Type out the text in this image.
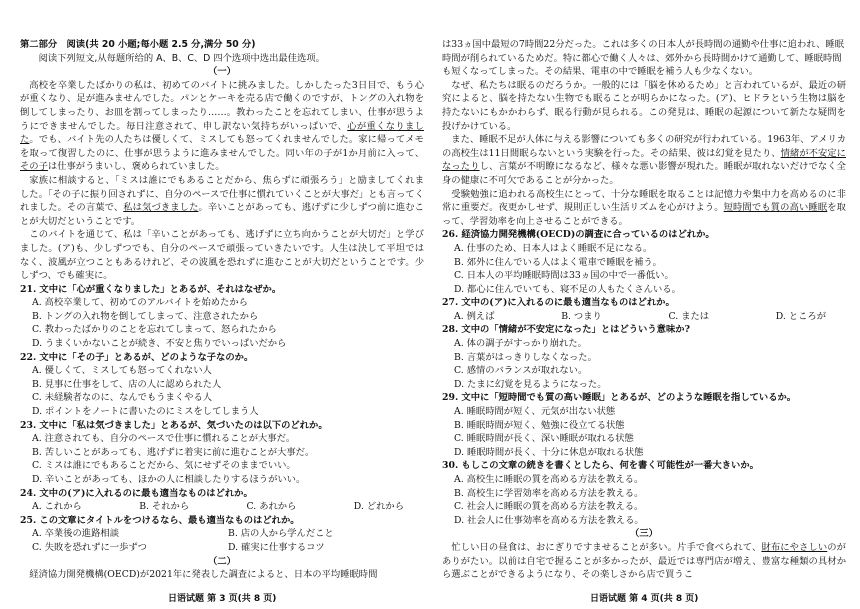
第二部分　阅读(共 20 小题;每小题 2.5 分,满分 50 分)
阅读下列短文,从每题所给的 A、B、C、D 四个选项中选出最佳选项。
（一）

高校を卒業したばかりの私は、初めてのバイトに挑みました。しかしたった3日目で、もう心が重くなり、足が進みませんでした。パンとケーキを売る店で働くのですが、トングの入れ物を倒してしまったり、お皿を割ってしまったり……。教わったことを忘れてしまい、仕事が思うようにできませんでした。毎日注意されて、申し訳ない気持ちがいっぱいで、心が重くなりました。でも、バイト先の人たちは優しくて、ミスしても怒ってくれませんでした。家に帰ってメモを取って復習したのに、仕事が思うように進みませんでした。同い年の子が1か月前に入って、その子は仕事がうまいし、褒められていました。

家族に相談すると、「ミスは誰にでもあることだから、焦らずに頑張ろう」と励ましてくれました。「その子に振り回されずに、自分のペースで仕事に慣れていくことが大事だ」とも言ってくれました。その言葉で、私は気づきました。辛いことがあっても、逃げずに少しずつ前に進むことが大切だということです。

このバイトを通じて、私は「辛いことがあっても、逃げずに立ち向かうことが大切だ」と学びました。(ア)も、少しずつでも、自分のペースで頑張っていきたいです。人生は決して平坦ではなく、波風が立つこともあるけれど、その波風を恐れずに進むことが大切だということです。少しずつ、でも確実に。

21. 文中に「心が重くなりました」とあるが、それはなぜか。
A. 高校卒業して、初めてのアルバイトを始めたから
B. トングの入れ物を倒してしまって、注意されたから
C. 教わったばかりのことを忘れてしまって、怒られたから
D. うまくいかないことが続き、不安と焦りでいっぱいだから
22. 文中に「その子」とあるが、どのような子なのか。
A. 優しくて、ミスしても怒ってくれない人
B. 見事に仕事をして、店の人に認められた人
C. 未経験者なのに、なんでもうまくやる人
D. ポイントをノートに書いたのにミスをしてしまう人
23. 文中に「私は気づきました」とあるが、気づいたのは以下のどれか。
A. 注意されても、自分のペースで仕事に慣れることが大事だ。
B. 苦しいことがあっても、逃げずに着実に前に進むことが大事だ。
C. ミスは誰にでもあることだから、気にせずそのままでいい。
D. 辛いことがあっても、ほかの人に相談したりするほうがいい。
24. 文中の(ア)に入れるのに最も適当なものはどれか。
A. これから	B. それから	C. あれから	D. どれから
25. この文章にタイトルをつけるなら、最も適当なものはどれか。
A. 卒業後の進路相談	B. 店の人から学んだこと
C. 失敗を恐れずに一歩ずつ	D. 確実に仕事するコツ
（二）

経済協力開発機構(OECD)が2021年に発表した調査によると、日本の平均睡眠時間

は33ヵ国中最短の7時間22分だった。これは多くの日本人が長時間の通勤や仕事に追われ、睡眠時間が削られているためだ。特に都心で働く人々は、郊外から長時間かけて通勤して、睡眠時間も短くなってしまった。その結果、電車の中で睡眠を補う人も少なくない。

なぜ、私たちは眠るのだろうか。一般的には「脳を休めるため」と言われているが、最近の研究によると、脳を持たない生物でも眠ることが明らかになった。(ア)、ヒドラという生物は脳を持たないにもかかわらず、眠る行動が見られる。この発見は、睡眠の起源について新たな疑問を投げかけている。

また、睡眠不足が人体に与える影響についても多くの研究が行われている。1963年、アメリカの高校生は11日間眠らないという実験を行った。その結果、彼は幻覚を見たり、情緒が不安定になったりし、言葉が不明瞭になるなど、様々な悪い影響が現れた。睡眠が取れないだけでなく全身の健康に不可欠であることが分かった。

受験勉強に追われる高校生にとって、十分な睡眠を取ることは記憶力や集中力を高めるのに非常に重要だ。夜更かしせず、規則正しい生活リズムを心がけよう。短時間でも質の高い睡眠を取って、学習効率を向上させることができる。

26. 経済協力開発機構(OECD)の調査に合っているのはどれか。
A. 仕事のため、日本人はよく睡眠不足になる。
B. 郊外に住んでいる人はよく電車で睡眠を補う。
C. 日本人の平均睡眠時間は33ヵ国の中で一番低い。
D. 都心に住んでいても、寝不足の人もたくさんいる。
27. 文中の(ア)に入れるのに最も適当なものはどれか。
A. 例えば	B. つまり	C. または	D. ところが
28. 文中の「情緒が不安定になった」とはどういう意味か?
A. 体の調子がすっかり崩れた。
B. 言葉がはっきりしなくなった。
C. 感情のバランスが取れない。
D. たまに幻覚を見るようになった。
29. 文中に「短時間でも質の高い睡眠」とあるが、どのような睡眠を指しているか。
A. 睡眠時間が短く、元気が出ない状態
B. 睡眠時間が短く、勉強に役立てる状態
C. 睡眠時間が長く、深い睡眠が取れる状態
D. 睡眠時間が長く、十分に休息が取れる状態
30. もしこの文章の続きを書くとしたら、何を書く可能性が一番大きいか。
A. 高校生に睡眠の質を高める方法を教える。
B. 高校生に学習効率を高める方法を教える。
C. 社会人に睡眠の質を高める方法を教える。
D. 社会人に仕事効率を高める方法を教える。
（三）

忙しい日の昼食は、おにぎりですませることが多い。片手で食べられて、財布にやさしいのがありがたい。以前は自宅で握ることが多かったが、最近では専門店が増え、豊富な種類の具材から選ぶことができるようになり、その楽しさから店で買うこ

日语试题 第 3 页(共 8 页)	日语试题 第 4 页(共 8 页)
